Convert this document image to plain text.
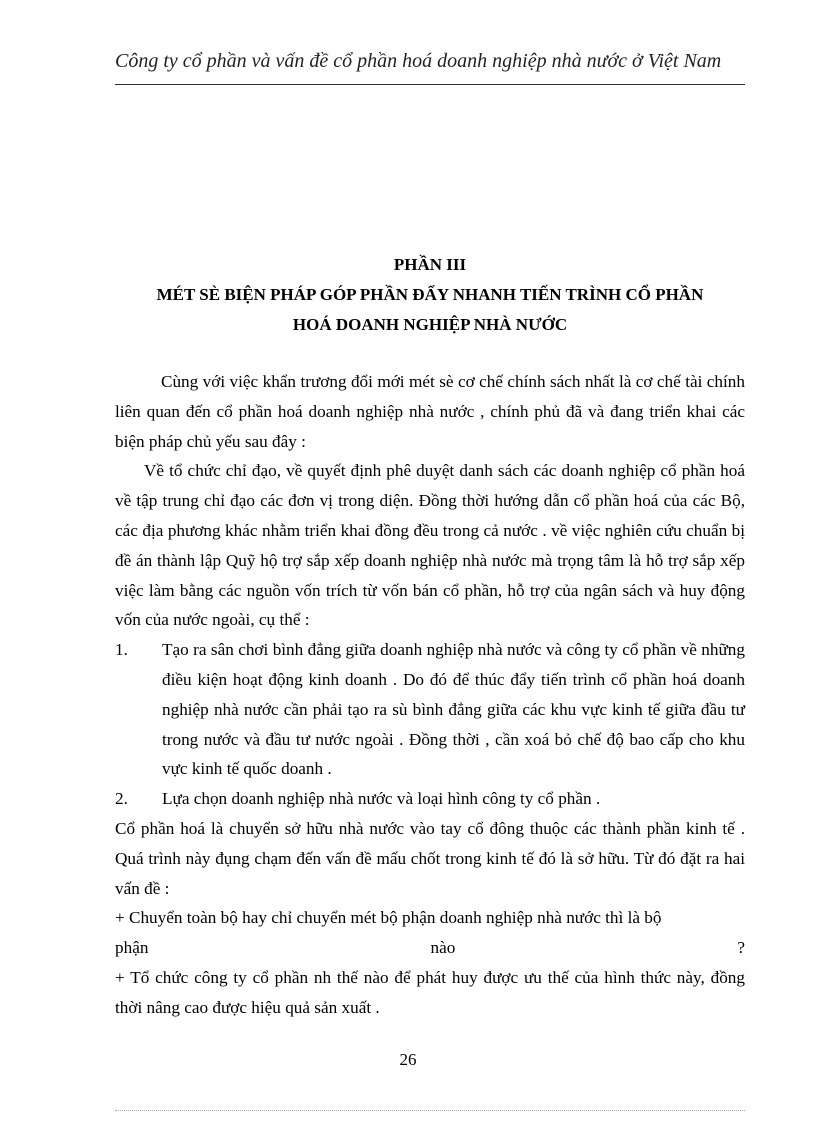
Công ty cổ phần và vấn đề cổ phần hoá doanh nghiệp nhà nước ở Việt Nam
PHẦN III
MÉT SÈ BIỆN PHÁP GÓP PHẦN ĐẨY NHANH TIẾN TRÌNH CỔ PHẦN
HOÁ DOANH NGHIỆP NHÀ NƯỚC

Cùng với việc khẩn trương đổi mới mét sè cơ chế chính sách nhất là cơ chế tài chính liên quan đến cổ phần hoá doanh nghiệp nhà nước , chính phủ đã và đang triển khai các biện pháp chủ yếu sau đây :

Về tổ chức chỉ đạo, về quyết định phê duyệt danh sách các doanh nghiệp cổ phần hoá về tập trung chỉ đạo các đơn vị trong diện. Đồng thời hướng dẫn cổ phần hoá của các Bộ, các địa phương khác nhằm triển khai đồng đều trong cả nước . về việc nghiên cứu chuẩn bị đề án thành lập Quỹ hộ trợ sắp xếp doanh nghiệp nhà nước mà trọng tâm là hỗ trợ sắp xếp việc làm bằng các nguồn vốn trích từ vốn bán cổ phần, hỗ trợ của ngân sách và huy động vốn của nước ngoài, cụ thể :

1. Tạo ra sân chơi bình đẳng giữa doanh nghiệp nhà nước và công ty cổ phần về những điều kiện hoạt động kinh doanh . Do đó để thúc đẩy tiến trình cổ phần hoá doanh nghiệp nhà nước cần phải tạo ra sù bình đẳng giữa các khu vực kinh tế giữa đầu tư trong nước và đầu tư nước ngoài . Đồng thời , cần xoá bỏ chế độ bao cấp cho khu vực kinh tế quốc doanh .
2. Lựa chọn doanh nghiệp nhà nước và loại hình công ty cổ phần .

Cổ phần hoá là chuyển sở hữu nhà nước vào tay cổ đông thuộc các thành phần kinh tế . Quá trình này đụng chạm đến vấn đề mấu chốt trong kinh tế đó là sở hữu. Từ đó đặt ra hai vấn đề :

+ Chuyển toàn bộ hay chỉ chuyển mét bộ phận doanh nghiệp nhà nước thì là bộ

phận	nào	?

+ Tổ chức công ty cổ phần nh thế nào để phát huy được ưu thế của hình thức này, đồng thời nâng cao được hiệu quả sản xuất .

26
